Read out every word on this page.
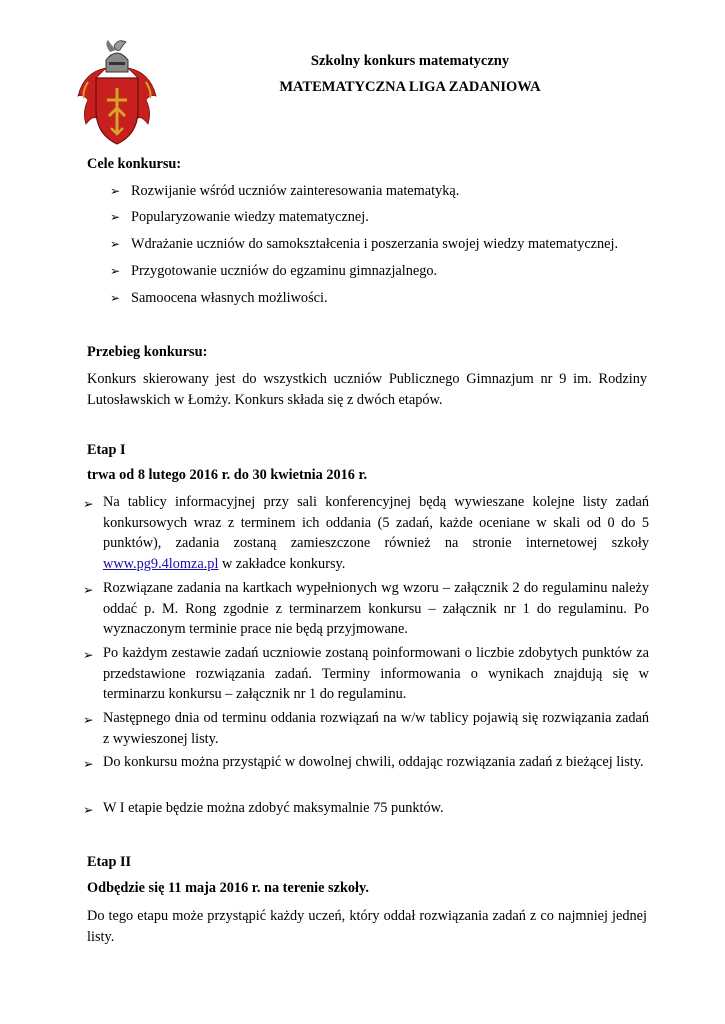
Szkolny konkurs matematyczny
MATEMATYCZNA LIGA ZADANIOWA
Cele konkursu:
➢ Rozwijanie wśród uczniów zainteresowania matematyką.
➢ Popularyzowanie wiedzy matematycznej.
➢ Wdrażanie uczniów do samokształcenia i poszerzania swojej wiedzy matematycznej.
➢ Przygotowanie uczniów do egzaminu gimnazjalnego.
➢ Samoocena własnych możliwości.
Przebieg konkursu:
Konkurs skierowany jest do wszystkich uczniów Publicznego Gimnazjum nr 9 im. Rodziny Lutosławskich w Łomży. Konkurs składa się z dwóch etapów.
Etap I
trwa od 8 lutego 2016 r. do 30 kwietnia 2016 r.
➢ Na tablicy informacyjnej przy sali konferencyjnej będą wywieszane kolejne listy zadań konkursowych wraz z terminem ich oddania (5 zadań, każde oceniane w skali od 0 do 5 punktów), zadania zostaną zamieszczone również na stronie internetowej szkoły www.pg9.4lomza.pl w zakładce konkursy.
➢ Rozwiązane zadania na kartkach wypełnionych wg wzoru – załącznik 2 do regulaminu należy oddać p. M. Rong zgodnie z terminarzem konkursu – załącznik nr 1 do regulaminu. Po wyznaczonym terminie prace nie będą przyjmowane.
➢ Po każdym zestawie zadań uczniowie zostaną poinformowani o liczbie zdobytych punktów za przedstawione rozwiązania zadań. Terminy informowania o wynikach znajdują się w terminarzu konkursu – załącznik nr 1 do regulaminu.
➢ Następnego dnia od terminu oddania rozwiązań na w/w tablicy pojawią się rozwiązania zadań z wywieszonej listy.
➢ Do konkursu można przystąpić w dowolnej chwili, oddając rozwiązania zadań z bieżącej listy.
➢ W I etapie będzie można zdobyć maksymalnie 75 punktów.
Etap II
Odbędzie się 11 maja 2016 r. na terenie szkoły.
Do tego etapu może przystąpić każdy uczeń, który oddał rozwiązania zadań z co najmniej jednej listy.
